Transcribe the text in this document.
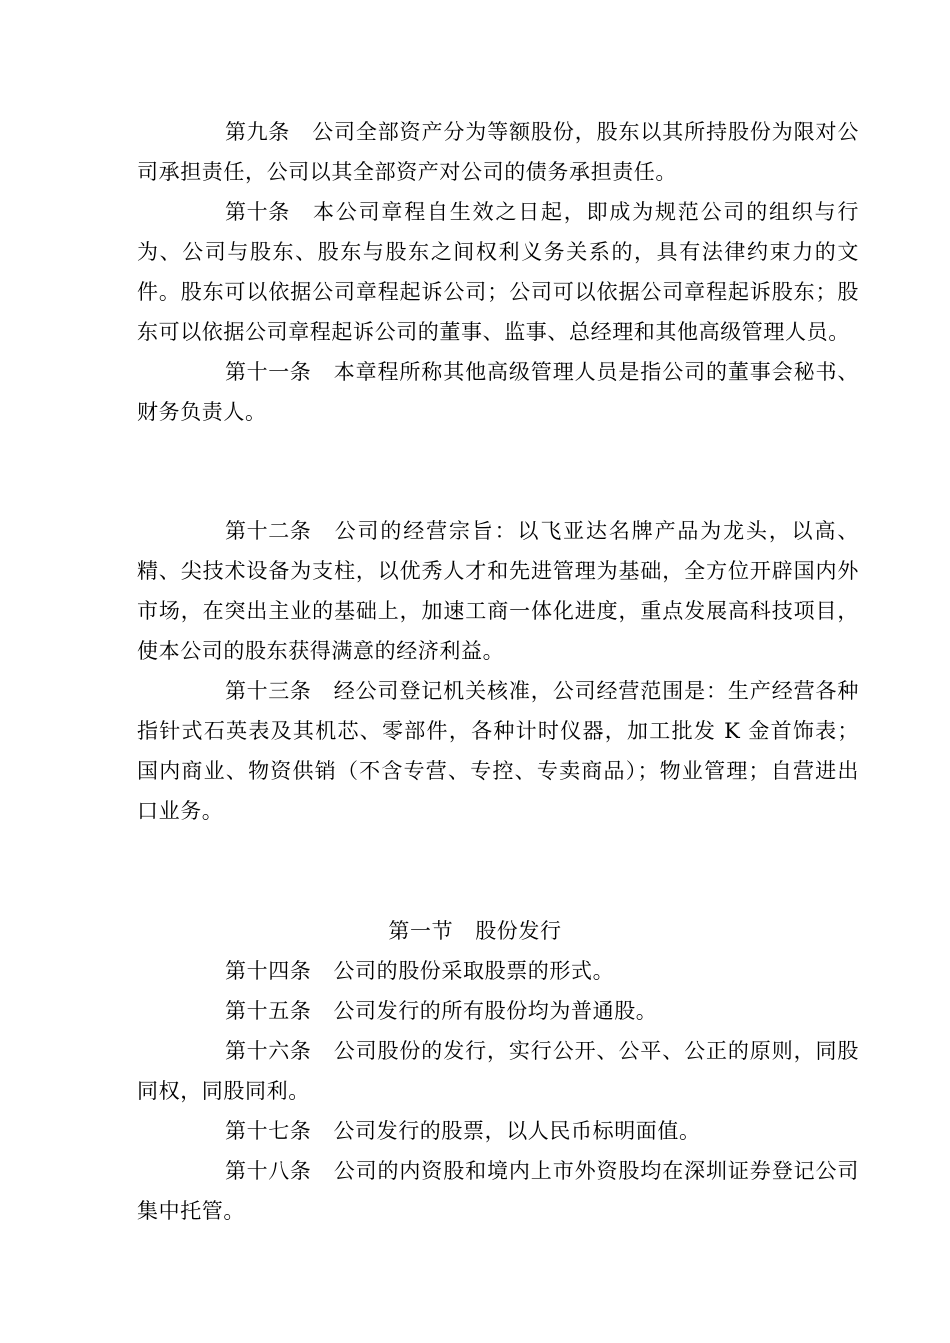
第九条 公司全部资产分为等额股份，股东以其所持股份为限对公司承担责任，公司以其全部资产对公司的债务承担责任。

第十条 本公司章程自生效之日起，即成为规范公司的组织与行为、公司与股东、股东与股东之间权利义务关系的，具有法律约束力的文件。股东可以依据公司章程起诉公司；公司可以依据公司章程起诉股东；股东可以依据公司章程起诉公司的董事、监事、总经理和其他高级管理人员。

第十一条 本章程所称其他高级管理人员是指公司的董事会秘书、财务负责人。

第十二条 公司的经营宗旨：以飞亚达名牌产品为龙头，以高、精、尖技术设备为支柱，以优秀人才和先进管理为基础，全方位开辟国内外市场，在突出主业的基础上，加速工商一体化进度，重点发展高科技项目，使本公司的股东获得满意的经济利益。

第十三条 经公司登记机关核准，公司经营范围是：生产经营各种指针式石英表及其机芯、零部件，各种计时仪器，加工批发 K 金首饰表；国内商业、物资供销（不含专营、专控、专卖商品）；物业管理；自营进出口业务。

第一节 股份发行

第十四条 公司的股份采取股票的形式。

第十五条 公司发行的所有股份均为普通股。

第十六条 公司股份的发行，实行公开、公平、公正的原则，同股同权，同股同利。

第十七条 公司发行的股票，以人民币标明面值。

第十八条 公司的内资股和境内上市外资股均在深圳证券登记公司集中托管。
